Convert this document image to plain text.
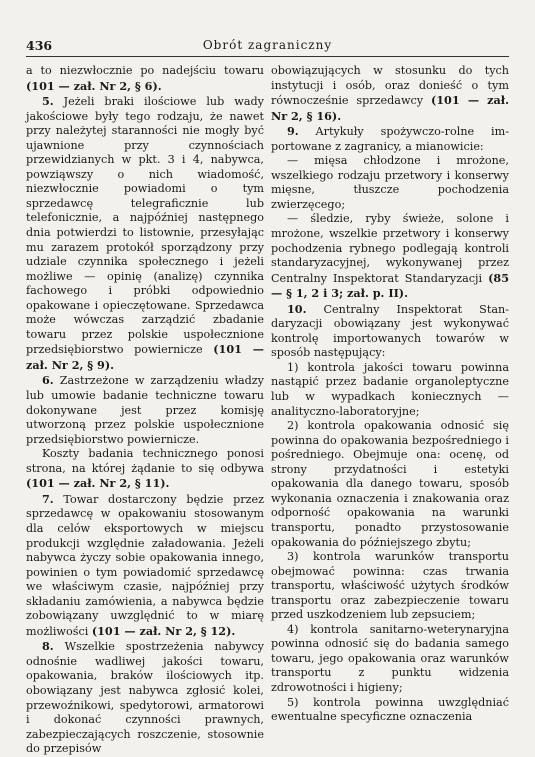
436	Obrót zagraniczny

a to niezwłocznie po nadejściu towaru (101 — zał. Nr 2, § 6).

5. Jeżeli braki ilościowe lub wady jakościowe były tego rodzaju, że nawet przy należytej staranności nie mogły być ujawnione przy czynnościach przewidzianych w pkt. 3 i 4, nabywca, powziąwszy o nich wiadomość, niezwłocznie powiadomi o tym sprzedawcę telegraficznie lub telefonicznie, a najpóźniej następnego dnia potwierdzi to listownie, przesyłając mu zarazem protokół sporządzony przy udziale czynnika społecznego i jeżeli możliwe — opinię (analizę) czynnika fachowego i próbki odpowiednio opakowane i opieczętowane. Sprzedawca może wówczas zarządzić zbadanie towaru przez polskie uspołecznione przedsiębiorstwo powiernicze (101 — zał. Nr 2, § 9).

6. Zastrzeżone w zarządzeniu władzy lub umowie badanie techniczne towaru dokonywane jest przez komisję utworzoną przez polskie uspołecznione przedsiębiorstwo powiernicze.

Koszty badania technicznego ponosi strona, na której żądanie to się odbywa (101 — zał. Nr 2, § 11).

7. Towar dostarczony będzie przez sprzedawcę w opakowaniu stosowanym dla celów eksportowych w miejscu produkcji względnie załadowania. Jeżeli nabywca życzy sobie opakowania innego, powinien o tym powiadomić sprzedawcę we właściwym czasie, najpóźniej przy składaniu zamówienia, a nabywca będzie zobowiązany uwzględnić to w miarę możliwości (101 — zał. Nr 2, § 12).

8. Wszelkie spostrzeżenia nabywcy odnośnie wadliwej jakości towaru, opakowania, braków ilościowych itp. obowiązany jest nabywca zgłosić kolei, przewoźnikowi, spedytorowi, armatorowi i dokonać czynności prawnych, zabezpieczających roszczenie, stosownie do przepisów

obowiązujących w stosunku do tych instytucji i osób, oraz donieść o tym równocześnie sprzedawcy (101 — zał. Nr 2, § 16).

9. Artykuły spożywczo-rolne importowane z zagranicy, a mianowicie:

— mięsa chłodzone i mrożone, wszelkiego rodzaju przetwory i konserwy mięsne, tłuszcze pochodzenia zwierzęcego;

— śledzie, ryby świeże, solone i mrożone, wszelkie przetwory i konserwy pochodzenia rybnego podlegają kontroli standaryzacyjnej, wykonywanej przez Centralny Inspektorat Standaryzacji (85 — § 1, 2 i 3; zał. p. II).

10. Centralny Inspektorat Standaryzacji obowiązany jest wykonywać kontrolę importowanych towarów w sposób następujący:

1) kontrola jakości towaru powinna nastąpić przez badanie organoleptyczne lub w wypadkach koniecznych — analityczno-laboratoryjne;

2) kontrola opakowania odnosić się powinna do opakowania bezpośredniego i pośredniego. Obejmuje ona: ocenę, od strony przydatności i estetyki opakowania dla danego towaru, sposób wykonania oznaczenia i znakowania oraz odporność opakowania na warunki transportu, ponadto przystosowanie opakowania do późniejszego zbytu;

3) kontrola warunków transportu obejmować powinna: czas trwania transportu, właściwość użytych środków transportu oraz zabezpieczenie towaru przed uszkodzeniem lub zepsuciem;

4) kontrola sanitarno-weterynaryjna powinna odnosić się do badania samego towaru, jego opakowania oraz warunków transportu z punktu widzenia zdrowotności i higieny;

5) kontrola powinna uwzględniać ewentualne specyficzne oznaczenia
